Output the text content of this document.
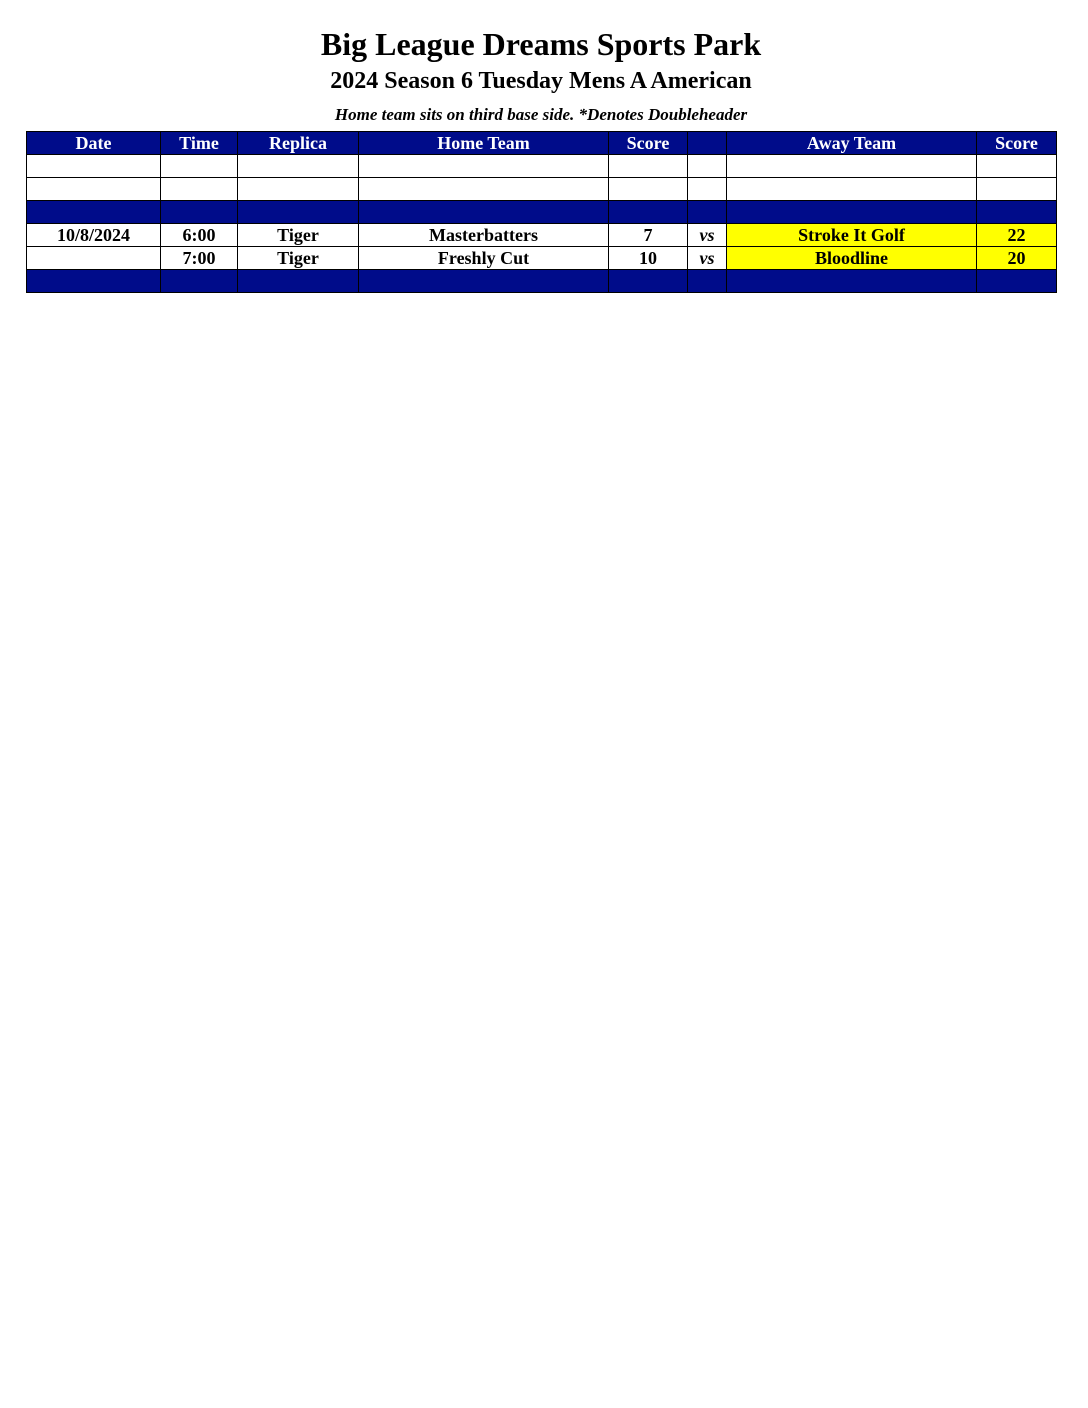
Big League Dreams Sports Park
2024 Season 6 Tuesday Mens A American
Home team sits on third base side. *Denotes Doubleheader
Date	Time	Replica	Home Team	Score		Away Team	Score

10/8/2024	6:00	Tiger	Masterbatters	7	vs	Stroke It Golf	22
	7:00	Tiger	Freshly Cut	10	vs	Bloodline	20
